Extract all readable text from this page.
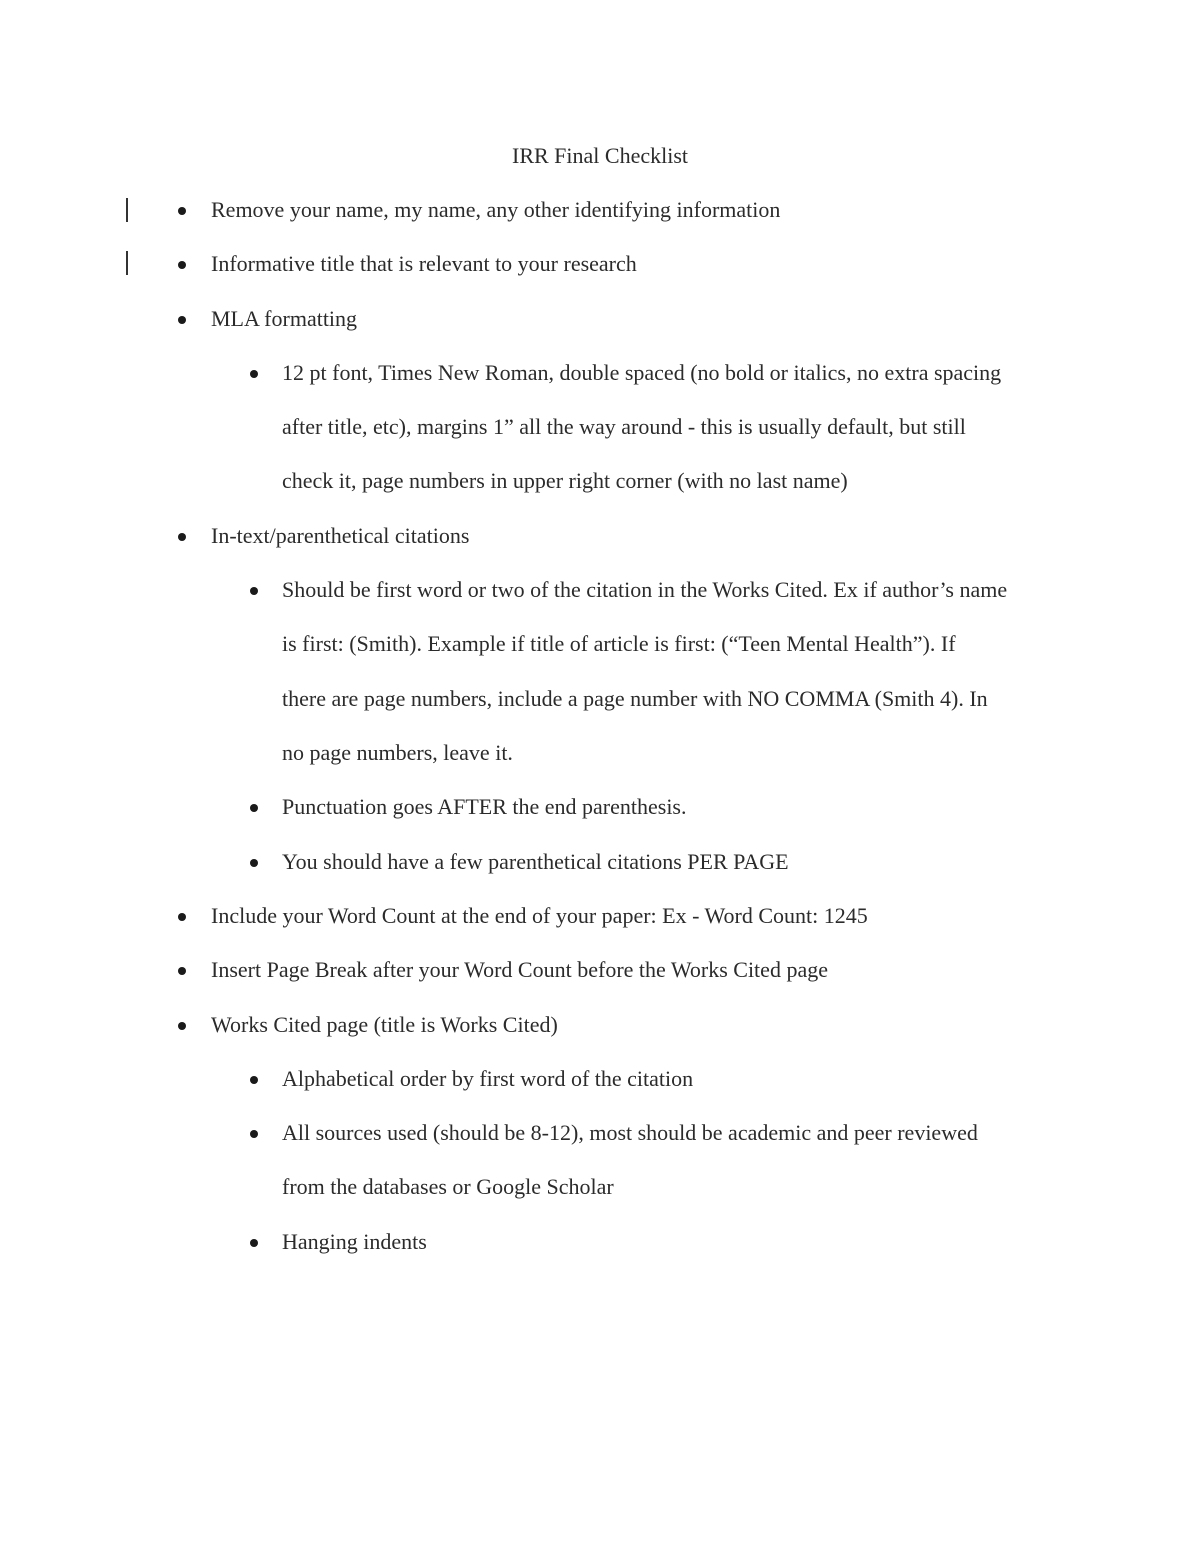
IRR Final Checklist
Remove your name, my name, any other identifying information
Informative title that is relevant to your research
MLA formatting
12 pt font, Times New Roman, double spaced (no bold or italics, no extra spacing
after title, etc), margins 1” all the way around - this is usually default, but still
check it, page numbers in upper right corner (with no last name)
In-text/parenthetical citations
Should be first word or two of the citation in the Works Cited. Ex if author’s name
is first: (Smith). Example if title of article is first: (“Teen Mental Health”). If
there are page numbers, include a page number with NO COMMA (Smith 4). In
no page numbers, leave it.
Punctuation goes AFTER the end parenthesis.
You should have a few parenthetical citations PER PAGE
Include your Word Count at the end of your paper: Ex - Word Count: 1245
Insert Page Break after your Word Count before the Works Cited page
Works Cited page (title is Works Cited)
Alphabetical order by first word of the citation
All sources used (should be 8-12), most should be academic and peer reviewed
from the databases or Google Scholar
Hanging indents
